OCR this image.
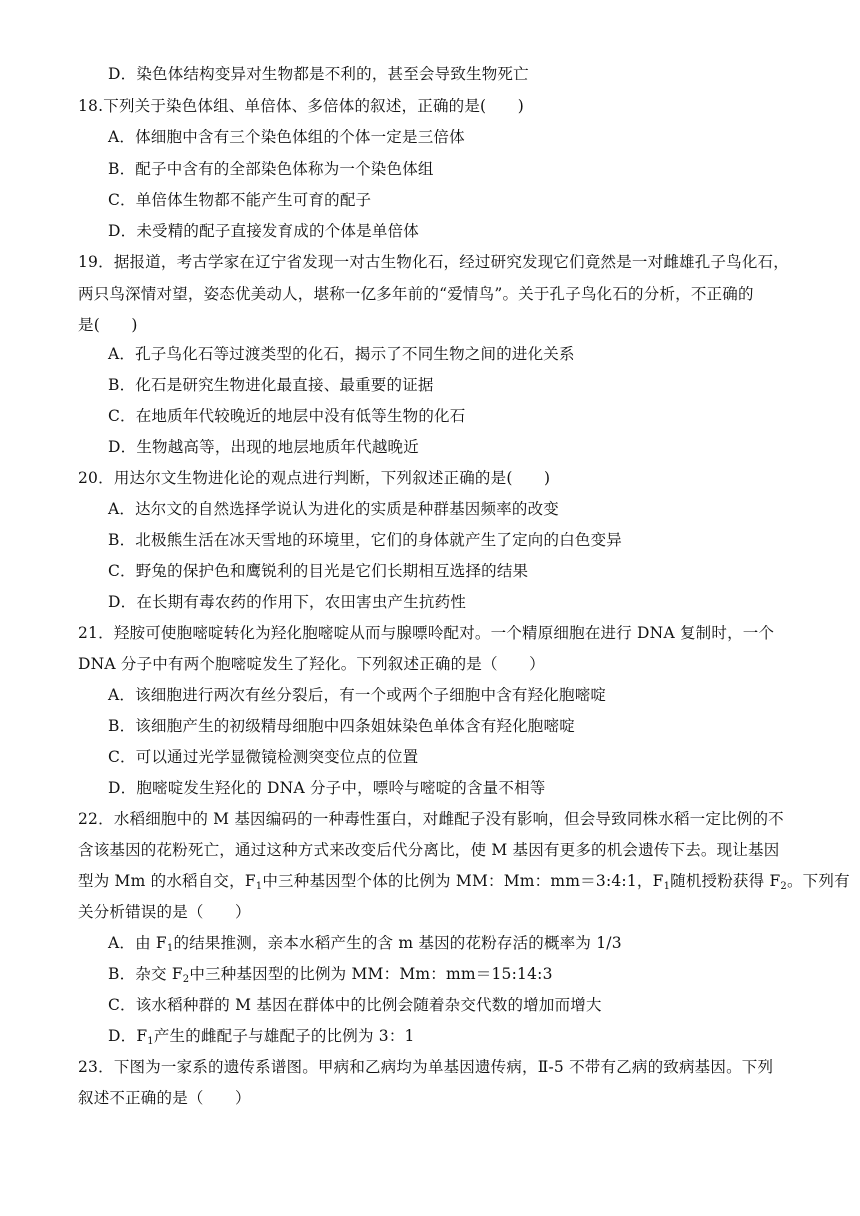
D．染色体结构变异对生物都是不利的，甚至会导致生物死亡
18.下列关于染色体组、单倍体、多倍体的叙述，正确的是(　　)
A．体细胞中含有三个染色体组的个体一定是三倍体
B．配子中含有的全部染色体称为一个染色体组
C．单倍体生物都不能产生可育的配子
D．未受精的配子直接发育成的个体是单倍体
19．据报道，考古学家在辽宁省发现一对古生物化石，经过研究发现它们竟然是一对雌雄孔子鸟化石，
两只鸟深情对望，姿态优美动人，堪称一亿多年前的“爱情鸟”。关于孔子鸟化石的分析，不正确的
是(　　)
A．孔子鸟化石等过渡类型的化石，揭示了不同生物之间的进化关系
B．化石是研究生物进化最直接、最重要的证据
C．在地质年代较晚近的地层中没有低等生物的化石
D．生物越高等，出现的地层地质年代越晚近
20．用达尔文生物进化论的观点进行判断，下列叙述正确的是(　　)
A．达尔文的自然选择学说认为进化的实质是种群基因频率的改变
B．北极熊生活在冰天雪地的环境里，它们的身体就产生了定向的白色变异
C．野兔的保护色和鹰锐利的目光是它们长期相互选择的结果
D．在长期有毒农药的作用下，农田害虫产生抗药性
21．羟胺可使胞嘧啶转化为羟化胞嘧啶从而与腺嘌呤配对。一个精原细胞在进行 DNA 复制时，一个
DNA 分子中有两个胞嘧啶发生了羟化。下列叙述正确的是（　　）
A．该细胞进行两次有丝分裂后，有一个或两个子细胞中含有羟化胞嘧啶
B．该细胞产生的初级精母细胞中四条姐妹染色单体含有羟化胞嘧啶
C．可以通过光学显微镜检测突变位点的位置
D．胞嘧啶发生羟化的 DNA 分子中，嘌呤与嘧啶的含量不相等
22．水稻细胞中的 M 基因编码的一种毒性蛋白，对雌配子没有影响，但会导致同株水稻一定比例的不
含该基因的花粉死亡，通过这种方式来改变后代分离比，使 M 基因有更多的机会遗传下去。现让基因
型为 Mm 的水稻自交，$F_1$中三种基因型个体的比例为 MM：Mm：mm＝3:4:1，$F_1$随机授粉获得 $F_2$。下列有
关分析错误的是（　　）
A．由 $F_1$的结果推测，亲本水稻产生的含 m 基因的花粉存活的概率为 1/3
B．杂交 $F_2$中三种基因型的比例为 MM：Mm：mm＝15:14:3
C．该水稻种群的 M 基因在群体中的比例会随着杂交代数的增加而增大
D．$F_1$产生的雌配子与雄配子的比例为 3：1
23．下图为一家系的遗传系谱图。甲病和乙病均为单基因遗传病，Ⅱ-5 不带有乙病的致病基因。下列
叙述不正确的是（　　）
